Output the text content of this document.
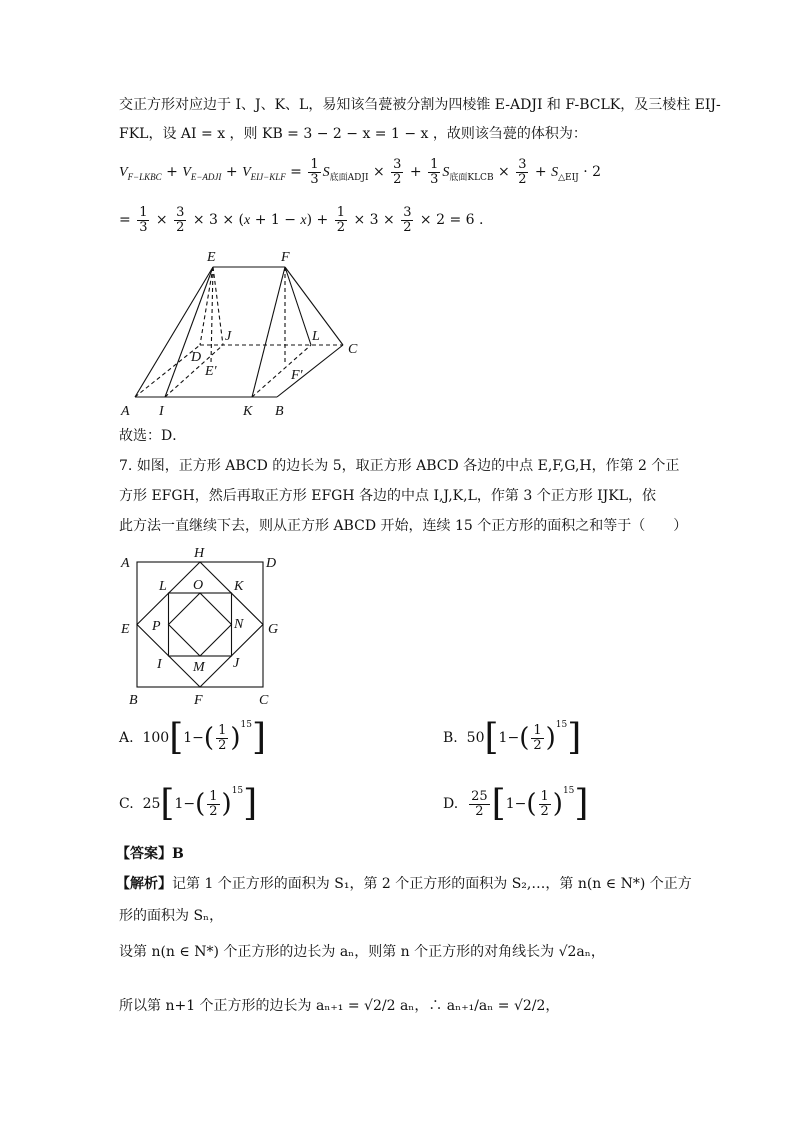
交正方形对应边于 I、J、K、L，易知该刍甍被分割为四棱锥 E-ADJI 和 F-BCLK，及三棱柱 EIJ-
FKL，设 AI = x ，则 KB = 3 − 2 − x = 1 − x ，故则该刍甍的体积为：
$V_{F-LKBC} + V_{E-ADJI} + V_{EIJ-KLF} = \frac{1}{3} S_{底面ADJI} \times \frac{3}{2} + \frac{1}{3} S_{底面KLCB} \times \frac{3}{2} + S_{\triangle EIJ} \cdot 2$
= $\frac{1}{3} \times \frac{3}{2} \times 3 \times (x + 1 - x) + \frac{1}{2} \times 3 \times \frac{3}{2} \times 2 = 6$ .
E	F
J	L
C
D
E'	F'
A I	K B
故选：D．
7. 如图，正方形 ABCD 的边长为 5，取正方形 ABCD 各边的中点 E,F,G,H，作第 2 个正
方形 EFGH，然后再取正方形 EFGH 各边的中点 I,J,K,L，作第 3 个正方形 IJKL，依
此方法一直继续下去，则从正方形 ABCD 开始，连续 15 个正方形的面积之和等于（　　）
A
H
D
L O K
E P	N G
I M J
B	F	C
A.
100 [ 1 − ( $\frac{1}{2} )^{15}$ ]	B.
50 [ 1 − ( $\frac{1}{2} )^{15}$ ]
C.
25 [ 1 − ( $\frac{1}{2} )^{15}$ ]	D.
$\frac{25}{2}$ [ 1 − ( $\frac{1}{2} )^{15}$ ]
【答案】B
【解析】记第 1 个正方形的面积为 S₁，第 2 个正方形的面积为 S₂,…，第 n(n ∈ N*) 个正方
形的面积为 Sₙ，
设第 n(n ∈ N*) 个正方形的边长为 aₙ，则第 n 个正方形的对角线长为 √2aₙ，
所以第 n+1 个正方形的边长为 aₙ₊₁ = √2/2 aₙ，∴ aₙ₊₁/aₙ = √2/2，
